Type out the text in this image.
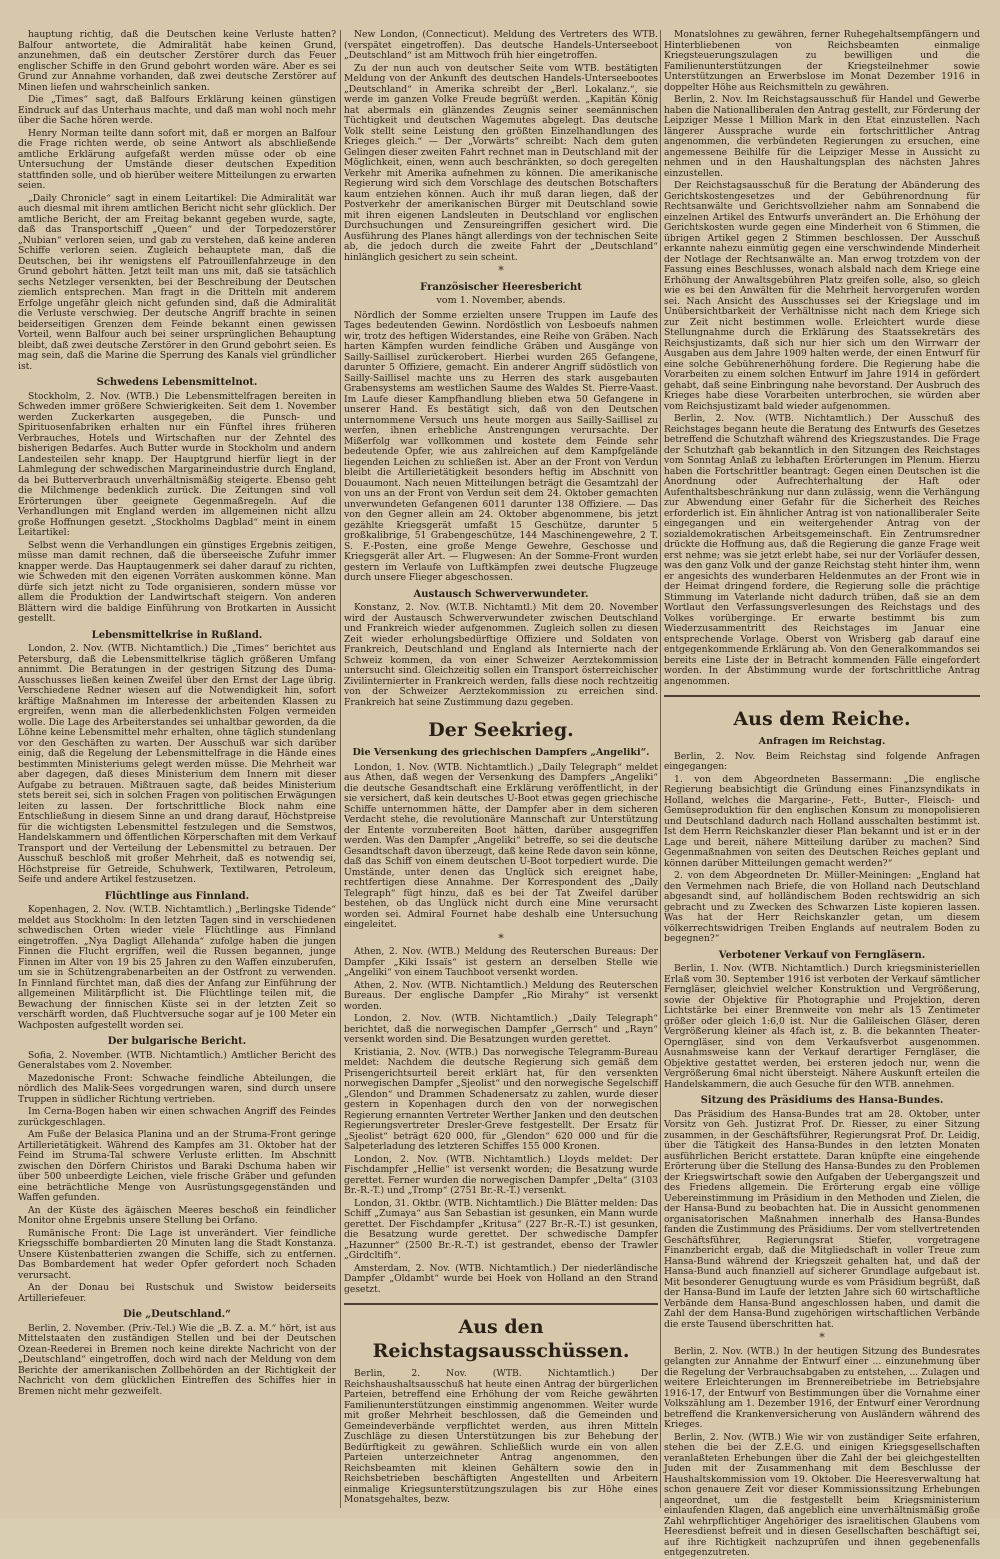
hauptung richtig, daß die Deutschen keine Verluste hatten? Balfour antwortete, die Admiralität habe keinen Grund, anzunehmen, daß ein deutscher Zerstörer durch das Feuer englischer Schiffe in den Grund gebohrt worden wäre. Aber es sei Grund zur Annahme vorhanden, daß zwei deutsche Zerstörer auf Minen liefen und wahrscheinlich sanken.

Die „Times“ sagt, daß Balfours Erklärung keinen günstigen Eindruck auf das Unterhaus machte, und daß man wohl noch mehr über die Sache hören werde.

Henry Norman teilte dann sofort mit, daß er morgen an Balfour die Frage richten werde, ob seine Antwort als abschließende amtliche Erklärung aufgefaßt werden müsse oder ob eine Untersuchung der Umstände dieser deutschen Expedition stattfinden solle, und ob hierüber weitere Mitteilungen zu erwarten seien.

„Daily Chronicle“ sagt in einem Leitartikel: Die Admiralität war auch diesmal mit ihrem amtlichen Bericht nicht sehr glücklich. Der amtliche Bericht, der am Freitag bekannt gegeben wurde, sagte, daß das Transportschiff „Queen“ und der Torpedozerstörer „Nubian“ verloren seien, und gab zu verstehen, daß keine anderen Schiffe verloren seien. Zugleich behauptete man, daß die Deutschen, bei ihr wenigstens elf Patrouillenfahrzeuge in den Grund gebohrt hätten. Jetzt teilt man uns mit, daß sie tatsächlich sechs Netzleger versenkten, bei der Beschreibung der Deutschen ziemlich entsprechen. Man fragt in die Dritteln mit anderem Erfolge ungefähr gleich nicht gefunden sind, daß die Admiralität die Verluste verschwieg. Der deutsche Angriff brachte in seinen beiderseitigen Grenzen dem Feinde bekannt einen gewissen Vorteil, wenn Balfour auch bei seiner ursprünglichen Behauptung bleibt, daß zwei deutsche Zerstörer in den Grund gebohrt seien. Es mag sein, daß die Marine die Sperrung des Kanals viel gründlicher ist.

Schwedens Lebensmittelnot.

Stockholm, 2. Nov. (WTB.) Die Lebensmittelfragen bereiten in Schweden immer größere Schwierigkeiten. Seit dem 1. November werden Zuckerkarten ausgegeben, die Punsch- und Spirituosenfabriken erhalten nur ein Fünftel ihres früheren Verbrauches, Hotels und Wirtschaften nur der Zehntel des bisherigen Bedarfes. Auch Butter wurde in Stockholm und andern Landesteilen sehr knapp. Der Hauptgrund hierfür liegt in der Lahmlegung der schwedischen Margarineindustrie durch England, da bei Butterverbrauch unverhältnismäßig steigerte. Ebenso geht die Milchmenge bedenklich zurück. Die Zeitungen sind voll Erörterungen über geeignete Gegenmaßregeln. Auf die Verhandlungen mit England werden im allgemeinen nicht allzu große Hoffnungen gesetzt. „Stockholms Dagblad“ meint in einem Leitartikel:

Selbst wenn die Verhandlungen ein günstiges Ergebnis zeitigen, müsse man damit rechnen, daß die überseeische Zufuhr immer knapper werde. Das Hauptaugenmerk sei daher darauf zu richten, wie Schweden mit den eigenen Vorräten auskommen könne. Man dürfe sich jetzt nicht zu Tode organisieren, sondern müsse vor allem die Produktion der Landwirtschaft steigern. Von anderen Blättern wird die baldige Einführung von Brotkarten in Aussicht gestellt.

Lebensmittelkrise in Rußland.

London, 2. Nov. (WTB. Nichtamtlich.) Die „Times“ berichtet aus Petersburg, daß die Lebensmittelkrise täglich größeren Umfang annimmt. Die Beratungen in der gestrigen Sitzung des Duma-Ausschusses ließen keinen Zweifel über den Ernst der Lage übrig. Verschiedene Redner wiesen auf die Notwendigkeit hin, sofort kräftige Maßnahmen im Interesse der arbeitenden Klassen zu ergreifen, wenn man die allerbedenklichsten Folgen vermeiden wolle. Die Lage des Arbeiterstandes sei unhaltbar geworden, da die Löhne keine Lebensmittel mehr erhalten, ohne täglich stundenlang vor den Geschäften zu warten. Der Ausschuß war sich darüber einig, daß die Regelung der Lebensmittelfrage in die Hände eines bestimmten Ministeriums gelegt werden müsse. Die Mehrheit war aber dagegen, daß dieses Ministerium dem Innern mit dieser Aufgabe zu betrauen. Mißtrauen sagte, daß beides Ministerium stets bereit sei, sich in solchen Fragen von politischen Erwägungen leiten zu lassen. Der fortschrittliche Block nahm eine Entschließung in diesem Sinne an und drang darauf, Höchstpreise für die wichtigsten Lebensmittel festzulegen und die Semstwos, Handelskammern und öffentlichen Körperschaften mit dem Verkauf Transport und der Verteilung der Lebensmittel zu betrauen. Der Ausschuß beschloß mit großer Mehrheit, daß es notwendig sei, Höchstpreise für Getreide, Schuhwerk, Textilwaren, Petroleum, Seife und andere Artikel festzusetzen.

Flüchtlinge aus Finnland.

Kopenhagen, 2. Nov. (W.T.B. Nichtamtlich.) „Berlingske Tidende“ meldet aus Stockholm: In den letzten Tagen sind in verschiedenen schwedischen Orten wieder viele Flüchtlinge aus Finnland eingetroffen. „Nya Dagligt Allehanda“ zufolge haben die jungen Finnen die Flucht ergriffen, weil die Russen begannen, junge Finnen im Alter von 19 bis 25 Jahren zu den Waffen einzuberufen, um sie in Schützengrabenarbeiten an der Ostfront zu verwenden. In Finnland fürchtet man, daß dies der Anfang zur Einführung der allgemeinen Militärpflicht ist. Die Flüchtlinge teilen mit, die Bewachung der finnischen Küste sei in der letzten Zeit so verschärft worden, daß Fluchtversuche sogar auf je 100 Meter ein Wachposten aufgestellt worden sei.

Der bulgarische Bericht.

Sofia, 2. November. (WTB. Nichtamtlich.) Amtlicher Bericht des Generalstabes vom 2. November.

Mazedonische Front: Schwache feindliche Abteilungen, die nördlich des Malik-Sees vorgedrungen waren, sind durch unsere Truppen in südlicher Richtung vertrieben.

Im Cerna-Bogen haben wir einen schwachen Angriff des Feindes zurückgeschlagen.

Am Fuße der Belasica Planina und an der Struma-Front geringe Artillerietätigkeit. Während des Kampfes am 31. Oktober hat der Feind im Struma-Tal schwere Verluste erlitten. Im Abschnitt zwischen den Dörfern Chiristos und Baraki Dschuma haben wir über 500 unbeerdigte Leichen, viele frische Gräber und gefunden eine beträchtliche Menge von Ausrüstungsgegenständen und Waffen gefunden.

An der Küste des ägäischen Meeres beschoß ein feindlicher Monitor ohne Ergebnis unsere Stellung bei Orfano.

Rumänische Front: Die Lage ist unverändert. Vier feindliche Kriegsschiffe bombardierten 20 Minuten lang die Stadt Konstanza. Unsere Küstenbatterien zwangen die Schiffe, sich zu entfernen. Das Bombardement hat weder Opfer gefordert noch Schaden verursacht.

An der Donau bei Rustschuk und Swistow beiderseits Artilleriefeuer.

Die „Deutschland.“

Berlin, 2. November. (Priv.-Tel.) Wie die „B. Z. a. M.“ hört, ist aus Mittelstaaten den zuständigen Stellen und bei der Deutschen Ozean-Reederei in Bremen noch keine direkte Nachricht von der „Deutschland“ eingetroffen, doch wird nach der Meldung von dem Berichte der amerikanischen Zollbehörden an der Richtigkeit der Nachricht von dem glücklichen Eintreffen des Schiffes hier in Bremen nicht mehr gezweifelt.

New London, (Connecticut). Meldung des Vertreters des WTB. (verspätet eingetroffen). Das deutsche Handels-Unterseeboot „Deutschland“ ist am Mittwoch früh hier eingetroffen.

Zu der nun auch von deutscher Seite vom WTB. bestätigten Meldung von der Ankunft des deutschen Handels-Unterseebootes „Deutschland“ in Amerika schreibt der „Berl. Lokalanz.“, sie werde im ganzen Volke Freude begrüßt werden. „Kapitän König hat abermals ein glänzendes Zeugnis seiner seemännischen Tüchtigkeit und deutschen Wagemutes abgelegt. Das deutsche Volk stellt seine Leistung den größten Einzelhandlungen des Krieges gleich.“ — Der „Vorwärts“ schreibt: Nach dem guten Gelingen dieser zweiten Fahrt rechnet man in Deutschland mit der Möglichkeit, einen, wenn auch beschränkten, so doch geregelten Verkehr mit Amerika aufnehmen zu können. Die amerikanische Regierung wird sich dem Vorschlage des deutschen Botschafters kaum entziehen können. Auch ihr muß daran liegen, daß der Postverkehr der amerikanischen Bürger mit Deutschland sowie mit ihren eigenen Landsleuten in Deutschland vor englischen Durchsuchungen und Zensureingriffen gesichert wird. Die Ausführung des Planes hängt allerdings von der technischen Seite ab, die jedoch durch die zweite Fahrt der „Deutschland“ hinlänglich gesichert zu sein scheint.

*
Französischer Heeresbericht
vom 1. November, abends.

Nördlich der Somme erzielten unsere Truppen im Laufe des Tages bedeutenden Gewinn. Nordöstlich von Lesboeufs nahmen wir, trotz des heftigen Widerstandes, eine Reihe von Gräben. Nach harten Kämpfen wurden feindliche Gräben und Ausgänge von Sailly-Saillisel zurückerobert. Hierbei wurden 265 Gefangene, darunter 5 Offiziere, gemacht. Ein anderer Angriff südöstlich von Sailly-Saillisel machte uns zu Herren des stark ausgebauten Grabensystems am westlichen Saume des Waldes St. Pierre-Vaast. Im Laufe dieser Kampfhandlung blieben etwa 50 Gefangene in unserer Hand. Es bestätigt sich, daß von den Deutschen unternommene Versuch uns heute morgen aus Sailly-Saillisel zu werfen, ihnen erhebliche Anstrengungen verursachte. Der Mißerfolg war vollkommen und kostete dem Feinde sehr bedeutende Opfer, wie aus zahlreichen auf dem Kampfgelände liegenden Leichen zu schließen ist. Aber an der Front von Verdun bleibt die Artillerietätigkeit besonders heftig im Abschnitt von Douaumont. Nach neuen Mitteilungen beträgt die Gesamtzahl der von uns an der Front von Verdun seit dem 24. Oktober gemachten unverwundeten Gefangenen 6011 darunter 138 Offiziere. — Das von den Gegner allein am 24. Oktober abgenommene, bis jetzt gezählte Kriegsgerät umfaßt 15 Geschütze, darunter 5 großkalibrige, 51 Grabengeschütze, 144 Maschinengewehre, 2 T. S. F.-Posten, eine große Menge Gewehre, Geschosse und Kriegsgerät aller Art. — Flugwesen: An der Somme-Front wurden gestern im Verlaufe von Luftkämpfen zwei deutsche Flugzeuge durch unsere Flieger abgeschossen.

Austausch Schwerverwundeter.

Konstanz, 2. Nov. (W.T.B. Nichtamtl.) Mit dem 20. November wird der Austausch Schwerverwundeter zwischen Deutschland und Frankreich wieder aufgenommen. Zugleich sollen zu diesen Zeit wieder erholungsbedürftige Offiziere und Soldaten von Frankreich, Deutschland und England als Internierte nach der Schweiz kommen, da von einer Schweizer Aerztekommission untersucht sind. Gleichzeitig sollen ein Transport österreichischer Zivilinternierter in Frankreich werden, falls diese noch rechtzeitig von der Schweizer Aerztekommission zu erreichen sind. Frankreich hat seine Zustimmung dazu gegeben.

Der Seekrieg.
Die Versenkung des griechischen Dampfers „Angeliki“.

London, 1. Nov. (WTB. Nichtamtlich.) „Daily Telegraph“ meldet aus Athen, daß wegen der Versenkung des Dampfers „Angeliki“ die deutsche Gesandtschaft eine Erklärung veröffentlicht, in der sie versichert, daß kein deutsches U-Boot etwas gegen griechische Schiffe unternommen hätte, der Dampfer aber in dem sicheren Verdacht stehe, die revolutionäre Mannschaft zur Unterstützung der Entente vorzubereiten Boot hätten, darüber ausgegriffen werden. Was den Dampfer „Angeliki“ betreffe, so sei die deutsche Gesandtschaft davon überzeugt, daß keine Rede davon sein könne, daß das Schiff von einem deutschen U-Boot torpediert wurde. Die Umstände, unter denen das Unglück sich ereignet habe, rechtfertigen diese Annahme. Der Korrespondent des „Daily Telegraph“ fügt hinzu, daß es bei der Tat Zweifel darüber bestehen, ob das Unglück nicht durch eine Mine verursacht worden sei. Admiral Fournet habe deshalb eine Untersuchung eingeleitet.

*

Athen, 2. Nov. (WTB.) Meldung des Reuterschen Bureaus: Der Dampfer „Kiki Issaïs“ ist gestern an derselben Stelle wie „Angeliki“ von einem Tauchboot versenkt worden.

Athen, 2. Nov. (WTB. Nichtamtlich.) Meldung des Reuterschen Bureaus. Der englische Dampfer „Rio Mirahy“ ist versenkt worden.

London, 2. Nov. (WTB. Nichtamtlich.) „Daily Telegraph“ berichtet, daß die norwegischen Dampfer „Gerrsch“ und „Rayn“ versenkt worden sind. Die Besatzungen wurden gerettet.

Kristiania, 2. Nov. (WTB.) Das norwegische Telegramm-Bureau meldet: Nachdem die deutsche Regierung sich gemäß dem Prisengerichtsurteil bereit erklärt hat, für den versenkten norwegischen Dampfer „Sjeolist“ und den norwegische Segelschiff „Glendon“ und Drammen Schadenersatz zu zahlen, wurde dieser gestern in Kopenhagen durch den von der norwegischen Regierung ernannten Vertreter Werther Janken und den deutschen Regierungsvertreter Dresler-Greve festgestellt. Der Ersatz für „Sjeolist“ beträgt 620 000, für „Glendon“ 620 000 und für die Salpeterladung des letzteren Schiffes 155 000 Kronen.

London, 2. Nov. (WTB. Nichtamtlich.) Lloyds meldet: Der Fischdampfer „Hellie“ ist versenkt worden; die Besatzung wurde gerettet. Ferner wurden die norwegischen Dampfer „Delta“ (3103 Br.-R.-T.) und „Tromp“ (2751 Br.-R.-T.) versenkt.

London, 31. Oktbr. (WTB. Nichtamtlich.) Die Blätter melden: Das Schiff „Zumaya“ aus San Sebastian ist gesunken, ein Mann wurde gerettet. Der Fischdampfer „Kritusa“ (227 Br.-R.-T.) ist gesunken, die Besatzung wurde gerettet. Der schwedische Dampfer „Hazunner“ (2500 Br.-R.-T.) ist gestrandet, ebenso der Trawler „Girdcltifh“.

Amsterdam, 2. Nov. (WTB. Nichtamtlich.) Der niederländische Dampfer „Oldambt“ wurde bei Hoek von Holland an den Strand gesetzt.

Aus den Reichstagsausschüssen.

Berlin, 2. Nov. (WTB. Nichtamtlich.) Der Reichshaushaltsausschuß hat heute einen Antrag der bürgerlichen Parteien, betreffend eine Erhöhung der vom Reiche gewährten Familienunterstützungen einstimmig angenommen. Weiter wurde mit großer Mehrheit beschlossen, daß die Gemeinden und Gemeindeverbände verpflichtet werden, aus ihren Mitteln Zuschläge zu diesen Unterstützungen bis zur Behebung der Bedürftigkeit zu gewähren. Schließlich wurde ein von allen Parteien unterzeichneter Antrag angenommen, den Reichsbeamten mit kleinen Gehältern sowie den in Reichsbetrieben beschäftigten Angestellten und Arbeitern einmalige Kriegsunterstützungszulagen bis zur Höhe eines Monatsgehaltes, bezw.

Monatslohnes zu gewähren, ferner Ruhegehaltsempfängern und Hinterbliebenen von Reichsbeamten einmalige Kriegsteuerungszulagen zu bewilligen und die Familienunterstützungen der Kriegsteilnehmer sowie Unterstützungen an Erwerbslose im Monat Dezember 1916 in doppelter Höhe aus Reichsmitteln zu gewähren.

Berlin, 2. Nov. Im Reichstagsausschuß für Handel und Gewerbe haben die Nationalliberalen den Antrag gestellt, zur Förderung der Leipziger Messe 1 Million Mark in den Etat einzustellen. Nach längerer Aussprache wurde ein fortschrittlicher Antrag angenommen, die verbündeten Regierungen zu ersuchen, eine angemessene Beihilfe für die Leipziger Messe in Aussicht zu nehmen und in den Haushaltungsplan des nächsten Jahres einzustellen.

Der Reichstagsausschuß für die Beratung der Abänderung des Gerichtskostengesetzes und der Gebührenordnung für Rechtsanwälte und Gerichtsvollzieher nahm am Sonnabend die einzelnen Artikel des Entwurfs unverändert an. Die Erhöhung der Gerichtskosten wurde gegen eine Minderheit von 6 Stimmen, die übrigen Artikel gegen 2 Stimmen beschlossen. Der Ausschuß erkannte nahezu einmütig gegen eine verschwindende Minderheit der Notlage der Rechtsanwälte an. Man erwog trotzdem von der Fassung eines Beschlusses, wonach alsbald nach dem Kriege eine Erhöhung der Anwaltsgebühren Platz greifen solle, also, so gleich wie es bei den Anwälten für die Mehrheit hervorgerufen worden sei. Nach Ansicht des Ausschusses sei der Kriegslage und im Unübersichtbarkeit der Verhältnisse nicht nach dem Kriege sich zur Zeit nicht bestimmen wolle. Erleichtert wurde diese Stellungnahme durch die Erklärung des Staatssekretärs des Reichsjustizamts, daß sich nur hier sich um den Wirrwarr der Ausgaben aus dem Jahre 1909 halten werde, der einen Entwurf für eine solche Gebührenerhöhung fordere. Die Regierung habe die Vorarbeiten zu einem solchen Entwurf im Jahre 1914 in gefördert gehabt, daß seine Einbringung nahe bevorstand. Der Ausbruch des Krieges habe diese Vorarbeiten unterbrochen, sie würden aber vom Reichsjustizamt bald wieder aufgenommen.

Berlin, 2. Nov. (WTB. Nichtamtlich.) Der Ausschuß des Reichstages begann heute die Beratung des Entwurfs des Gesetzes betreffend die Schutzhaft während des Kriegszustandes. Die Frage der Schutzhaft gab bekanntlich in den Sitzungen des Reichstages vom Sonntag Anlaß zu lebhaften Erörterungen im Plenum. Hierzu haben die Fortschrittler beantragt: Gegen einen Deutschen ist die Anordnung oder Aufrechterhaltung der Haft oder Aufenthaltsbeschränkung nur dann zulässig, wenn die Verhängung zur Abwendung einer Gefahr für die Sicherheit des Reiches erforderlich ist. Ein ähnlicher Antrag ist von nationalliberaler Seite eingegangen und ein weitergehender Antrag von der sozialdemokratischen Arbeitsgemeinschaft. Ein Zentrumsredner drückte die Hoffnung aus, daß die Regierung die ganze Frage weit erst nehme; was sie jetzt erlebt habe, sei nur der Vorläufer dessen, was den ganz Volk und der ganze Reichstag steht hinter ihm, wenn er angesichts des wunderbaren Heldenmutes an der Front wie in der Heimat dringend fordere, die Regierung solle die prächtige Stimmung im Vaterlande nicht dadurch trüben, daß sie an dem Wortlaut den Verfassungsverlesungen des Reichstags und des Volkes vorüberginge. Er erwarte bestimmt bis zum Wiederzusammentritt des Reichstages im Januar eine entsprechende Vorlage. Oberst von Wrisberg gab darauf eine entgegenkommende Erklärung ab. Von den Generalkommandos sei bereits eine Liste der in Betracht kommenden Fälle eingefordert worden. In der Abstimmung wurde der fortschrittliche Antrag angenommen.

Aus dem Reiche.
Anfragen im Reichstag.

Berlin, 2. Nov. Beim Reichstag sind folgende Anfragen eingegangen:

1. von dem Abgeordneten Bassermann: „Die englische Regierung beabsichtigt die Gründung eines Finanzsyndikats in Holland, welches die Margarine-, Fett-, Butter-, Fleisch- und Gemüseproduktion für den englischen Konsum zu monopolisieren und Deutschland dadurch nach Holland ausschalten bestimmt ist. Ist dem Herrn Reichskanzler dieser Plan bekannt und ist er in der Lage und bereit, nähere Mitteilung darüber zu machen? Sind Gegenmaßnahmen von seiten des Deutschen Reiches geplant und können darüber Mitteilungen gemacht werden?“

2. von dem Abgeordneten Dr. Müller-Meiningen: „England hat den Vermehmen nach Briefe, die von Holland nach Deutschland abgesandt sind, auf holländischem Boden rechtswidrig an sich gebracht und zu Zwecken des Schwarzen Liste kopieren lassen. Was hat der Herr Reichskanzler getan, um diesem völkerrechtswidrigen Treiben Englands auf neutralem Boden zu begegnen?“

Verbotener Verkauf von Ferngläsern.

Berlin, 1. Nov. (WTB. Nichtamtlich.) Durch kriegsministeriellen Erlaß vom 30. September 1916 ist verboten der Verkauf sämtlicher Ferngläser, gleichviel welcher Konstruktion und Vergrößerung, sowie der Objektive für Photographie und Projektion, deren Lichtstärke bei einer Brennweite von mehr als 15 Zentimeter größer oder gleich 1:6,0 ist. Nur die Galileischen Gläser, deren Vergrößerung kleiner als 4fach ist, z. B. die bekannten Theater-Operngläser, sind von dem Verkaufsverbot ausgenommen. Ausnahmsweise kann der Verkauf derartiger Ferngläser, die Objektive gestattet werden, bei ersteren jedoch nur, wenn die Vergrößerung 6mal nicht übersteigt. Nähere Auskunft erteilen die Handelskammern, die auch Gesuche für den WTB. annehmen.

Sitzung des Präsidiums des Hansa-Bundes.

Das Präsidium des Hansa-Bundes trat am 28. Oktober, unter Vorsitz von Geh. Justizrat Prof. Dr. Riesser, zu einer Sitzung zusammen, in der Geschäftsführer, Regierungsrat Prof. Dr. Leidig, über die Tätigkeit des Hansa-Bundes in den letzten Monaten ausführlichen Bericht erstattete. Daran knüpfte eine eingehende Erörterung über die Stellung des Hansa-Bundes zu den Problemen der Kriegswirtschaft sowie den Aufgaben der Uebergangszeit und des Friedens allgemein. Die Erörterung ergab eine völlige Uebereinstimmung im Präsidium in den Methoden und Zielen, die der Hansa-Bund zu beobachten hat. Die in Aussicht genommenen organisatorischen Maßnahmen innerhalb des Hansa-Bundes fanden die Zustimmung des Präsidiums. Der vom stellvertretenden Geschäftsführer, Regierungsrat Stiefer, vorgetragene Finanzbericht ergab, daß die Mitgliedschaft in voller Treue zum Hansa-Bund während der Kriegszeit gehalten hat, und daß der Hansa-Bund auch finanziell auf sicherer Grundlage aufgebaut ist. Mit besonderer Genugtuung wurde es vom Präsidium begrüßt, daß der Hansa-Bund im Laufe der letzten Jahre sich 60 wirtschaftliche Verbände dem Hansa-Bund angeschlossen haben, und damit die Zahl der dem Hansa-Bund zugehörigen wirtschaftlichen Verbände die erste Tausend überschritten hat.

*

Berlin, 2. Nov. (WTB.) In der heutigen Sitzung des Bundesrates gelangten zur Annahme der Entwurf einer ... einzunehmung über die Regelung der Verbrauchsabgaben zu entstehen, ... Zulagen und weitere Erleichterungen im Brennereibetriebe im Betriebsjahre 1916-17, der Entwurf von Bestimmungen über die Vornahme einer Volkszählung am 1. Dezember 1916, der Entwurf einer Verordnung betreffend die Krankenversicherung von Ausländern während des Krieges.

Berlin, 2. Nov. (WTB.) Wie wir von zuständiger Seite erfahren, stehen die bei der Z.E.G. und einigen Kriegsgesellschaften veranlaßteten Erhebungen über die Zahl der bei gleichgestellten Juden mit der Zusammenhang mit dem Beschlusse der Haushaltskommission vom 19. Oktober. Die Heeresverwaltung hat schon genauere Zeit vor dieser Kommissionssitzung Erhebungen angeordnet, um die festgestellt beim Kriegsministerium einlaufenden Klagen, daß angeblich eine unverhältnismäßig große Zahl wehrpflichtiger Angehöriger des israelitischen Glaubens vom Heeresdienst befreit und in diesen Gesellschaften beschäftigt sei, auf ihre Richtigkeit nachzuprüfen und ihnen gegebenenfalls entgegenzutreten.
